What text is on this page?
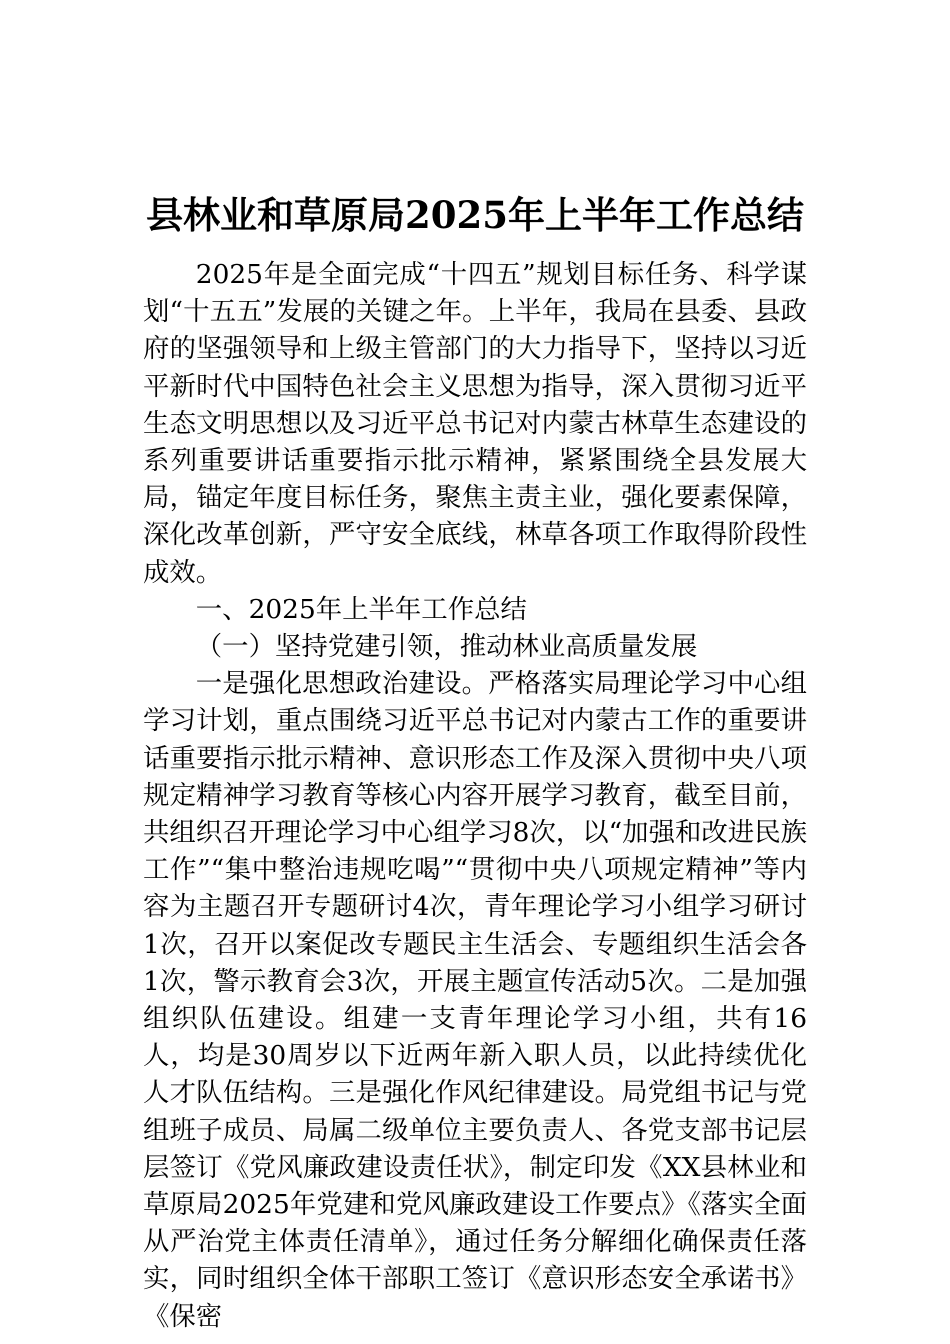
县林业和草原局2025年上半年工作总结

2025年是全面完成“十四五”规划目标任务、科学谋划“十五五”发展的关键之年。上半年，我局在县委、县政府的坚强领导和上级主管部门的大力指导下，坚持以习近平新时代中国特色社会主义思想为指导，深入贯彻习近平生态文明思想以及习近平总书记对内蒙古林草生态建设的系列重要讲话重要指示批示精神，紧紧围绕全县发展大局，锚定年度目标任务，聚焦主责主业，强化要素保障，深化改革创新，严守安全底线，林草各项工作取得阶段性成效。

一、2025年上半年工作总结

（一）坚持党建引领，推动林业高质量发展

一是强化思想政治建设。严格落实局理论学习中心组学习计划，重点围绕习近平总书记对内蒙古工作的重要讲话重要指示批示精神、意识形态工作及深入贯彻中央八项规定精神学习教育等核心内容开展学习教育，截至目前，共组织召开理论学习中心组学习8次，以“加强和改进民族工作”“集中整治违规吃喝”“贯彻中央八项规定精神”等内容为主题召开专题研讨4次，青年理论学习小组学习研讨1次，召开以案促改专题民主生活会、专题组织生活会各1次，警示教育会3次，开展主题宣传活动5次。二是加强组织队伍建设。组建一支青年理论学习小组，共有16人，均是30周岁以下近两年新入职人员，以此持续优化人才队伍结构。三是强化作风纪律建设。局党组书记与党组班子成员、局属二级单位主要负责人、各党支部书记层层签订《党风廉政建设责任状》，制定印发《XX县林业和草原局2025年党建和党风廉政建设工作要点》《落实全面从严治党主体责任清单》，通过任务分解细化确保责任落实，同时组织全体干部职工签订《意识形态安全承诺书》《保密
